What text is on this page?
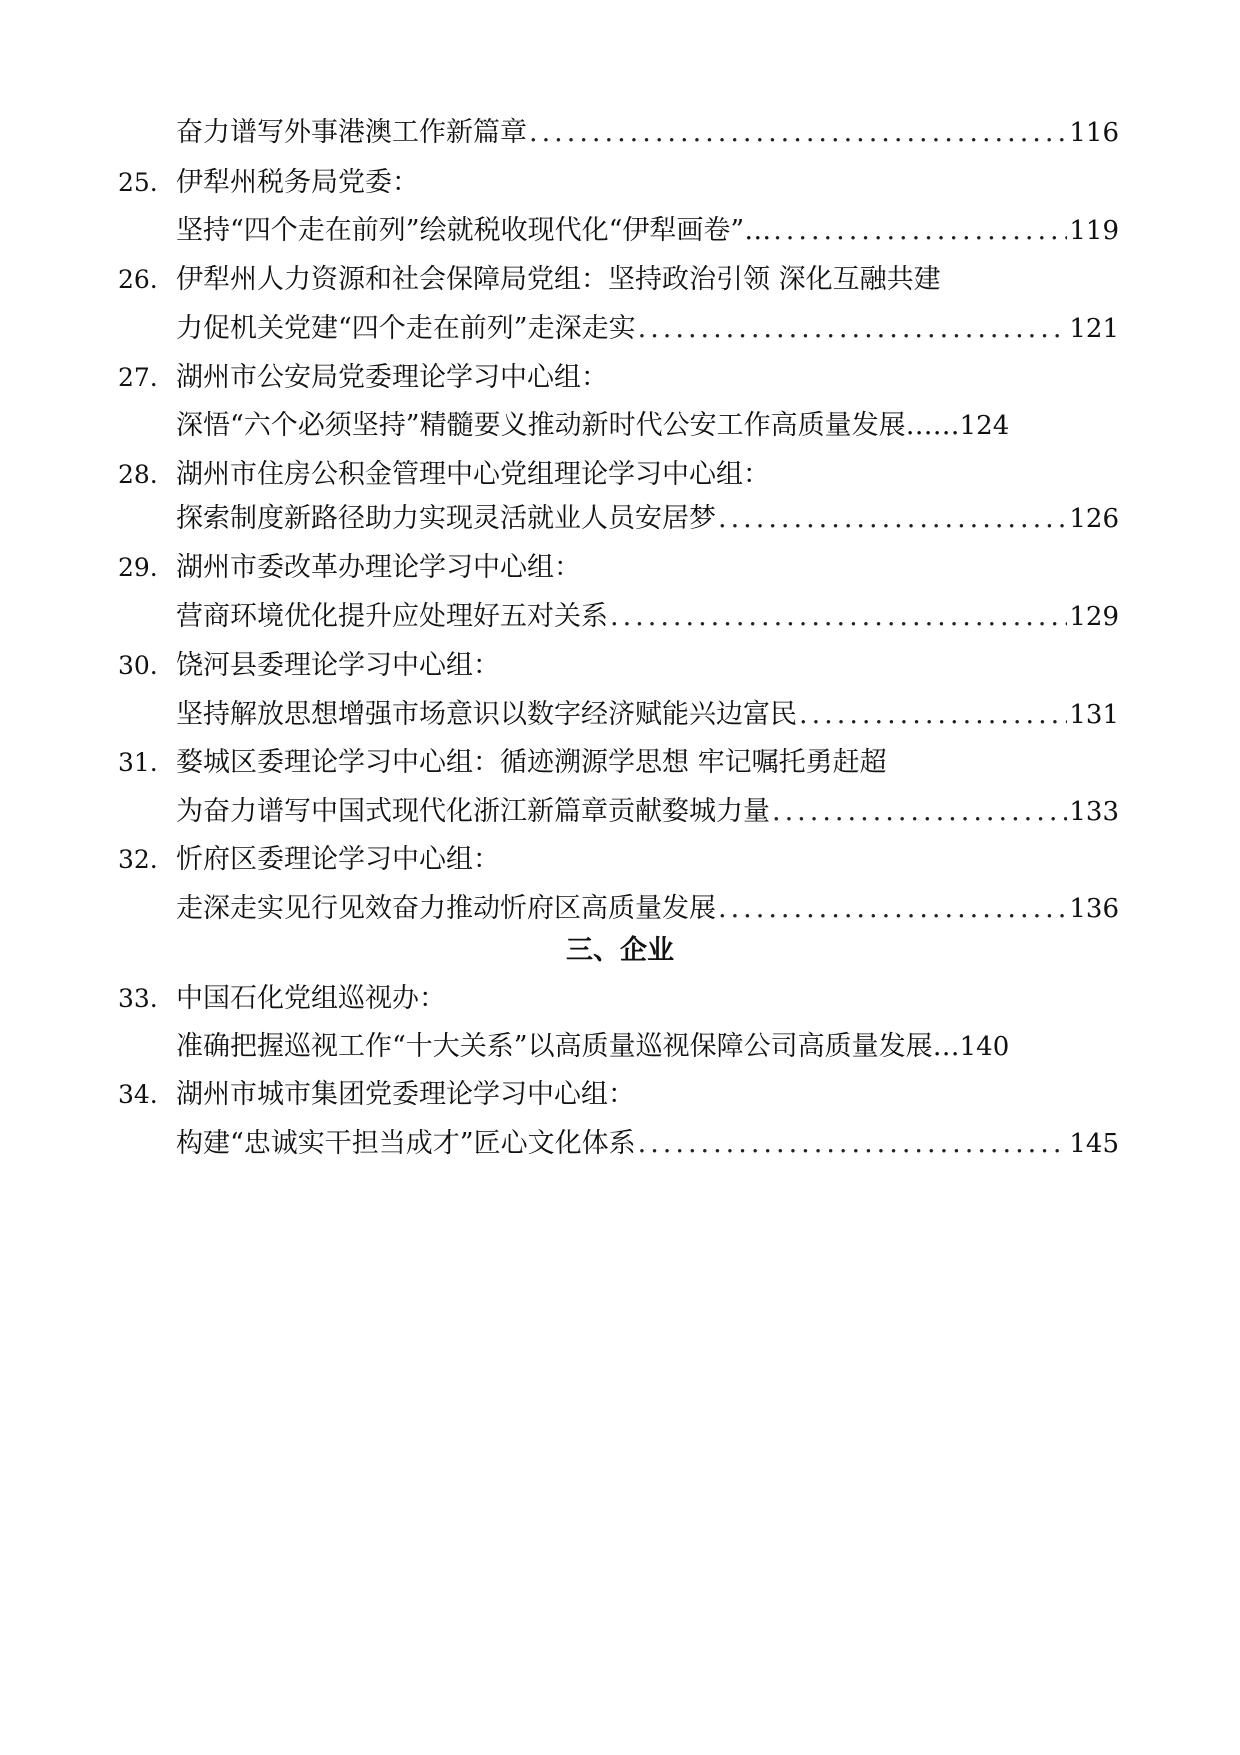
奋力谱写外事港澳工作新篇章 .....	116
25. 伊犁州税务局党委：
坚持“四个走在前列”绘就税收现代化“伊犁画卷”… .....	119
26. 伊犁州人力资源和社会保障局党组：坚持政治引领 深化互融共建
力促机关党建“四个走在前列”走深走实 .....	121
27. 湖州市公安局党委理论学习中心组：
深悟“六个必须坚持”精髓要义推动新时代公安工作高质量发展…… 124
28. 湖州市住房公积金管理中心党组理论学习中心组：
探索制度新路径助力实现灵活就业人员安居梦 .....	126
29. 湖州市委改革办理论学习中心组：
营商环境优化提升应处理好五对关系 .....	129
30. 饶河县委理论学习中心组：
坚持解放思想增强市场意识以数字经济赋能兴边富民 .....	131
31. 婺城区委理论学习中心组：循迹溯源学思想 牢记嘱托勇赶超
为奋力谱写中国式现代化浙江新篇章贡献婺城力量 .....	133
32. 忻府区委理论学习中心组：
走深走实见行见效奋力推动忻府区高质量发展 .....	136
三、企业
33. 中国石化党组巡视办：
准确把握巡视工作“十大关系”以高质量巡视保障公司高质量发展… 140
34. 湖州市城市集团党委理论学习中心组：
构建“忠诚实干担当成才”匠心文化体系 .....	145
